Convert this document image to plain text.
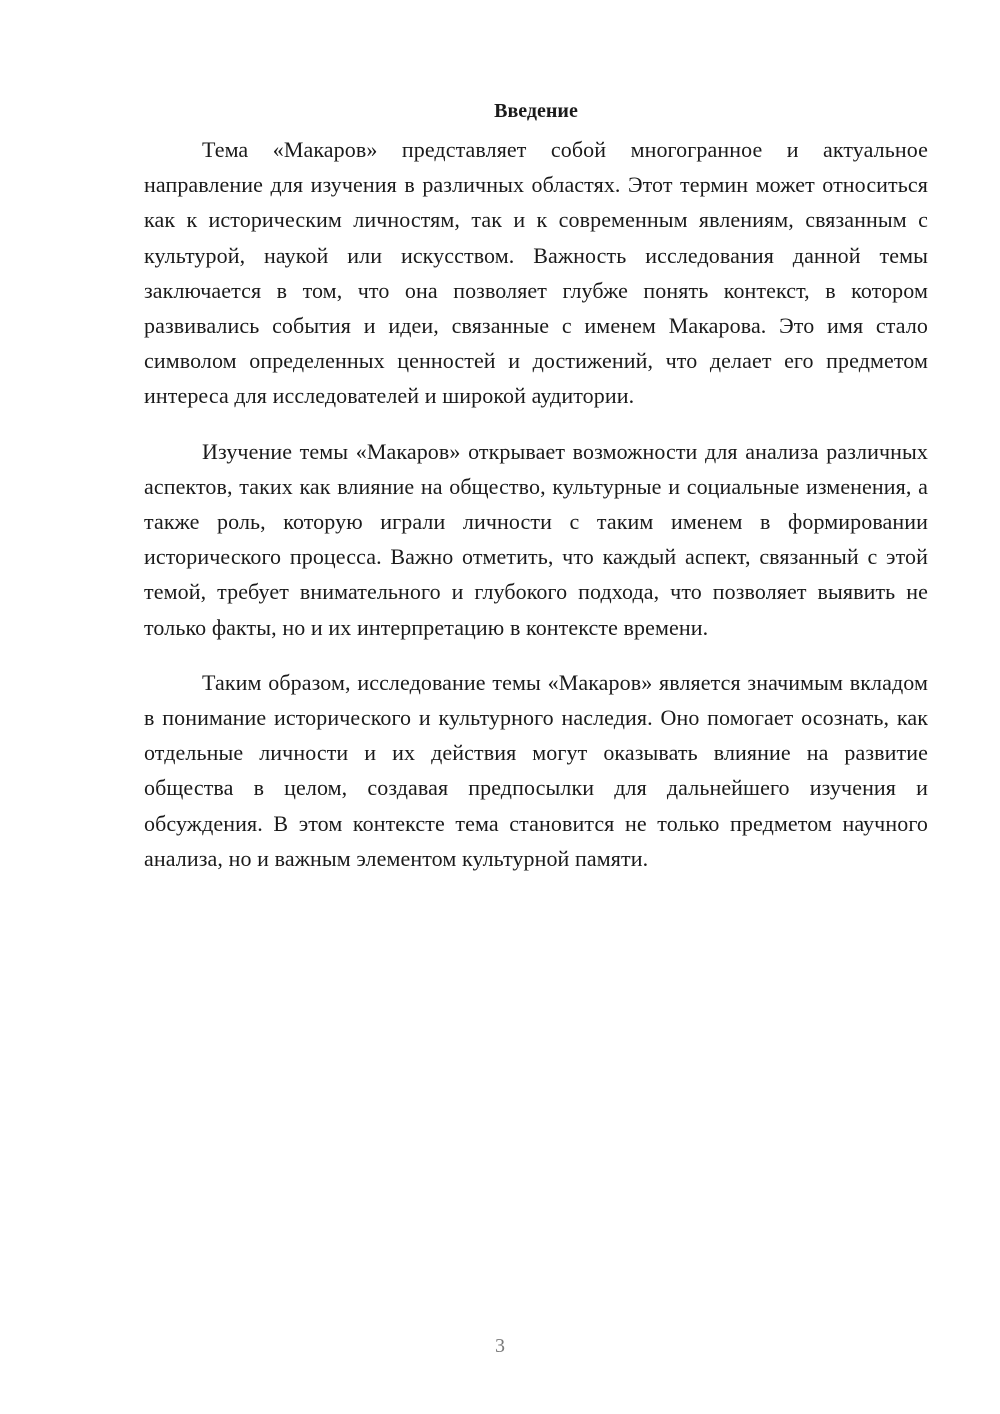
Введение

Тема «Макаров» представляет собой многогранное и актуальное направление для изучения в различных областях. Этот термин может относиться как к историческим личностям, так и к современным явлениям, связанным с культурой, наукой или искусством. Важность исследования данной темы заключается в том, что она позволяет глубже понять контекст, в котором развивались события и идеи, связанные с именем Макарова. Это имя стало символом определенных ценностей и достижений, что делает его предметом интереса для исследователей и широкой аудитории.

Изучение темы «Макаров» открывает возможности для анализа различных аспектов, таких как влияние на общество, культурные и социальные изменения, а также роль, которую играли личности с таким именем в формировании исторического процесса. Важно отметить, что каждый аспект, связанный с этой темой, требует внимательного и глубокого подхода, что позволяет выявить не только факты, но и их интерпретацию в контексте времени.

Таким образом, исследование темы «Макаров» является значимым вкладом в понимание исторического и культурного наследия. Оно помогает осознать, как отдельные личности и их действия могут оказывать влияние на развитие общества в целом, создавая предпосылки для дальнейшего изучения и обсуждения. В этом контексте тема становится не только предметом научного анализа, но и важным элементом культурной памяти.

3
